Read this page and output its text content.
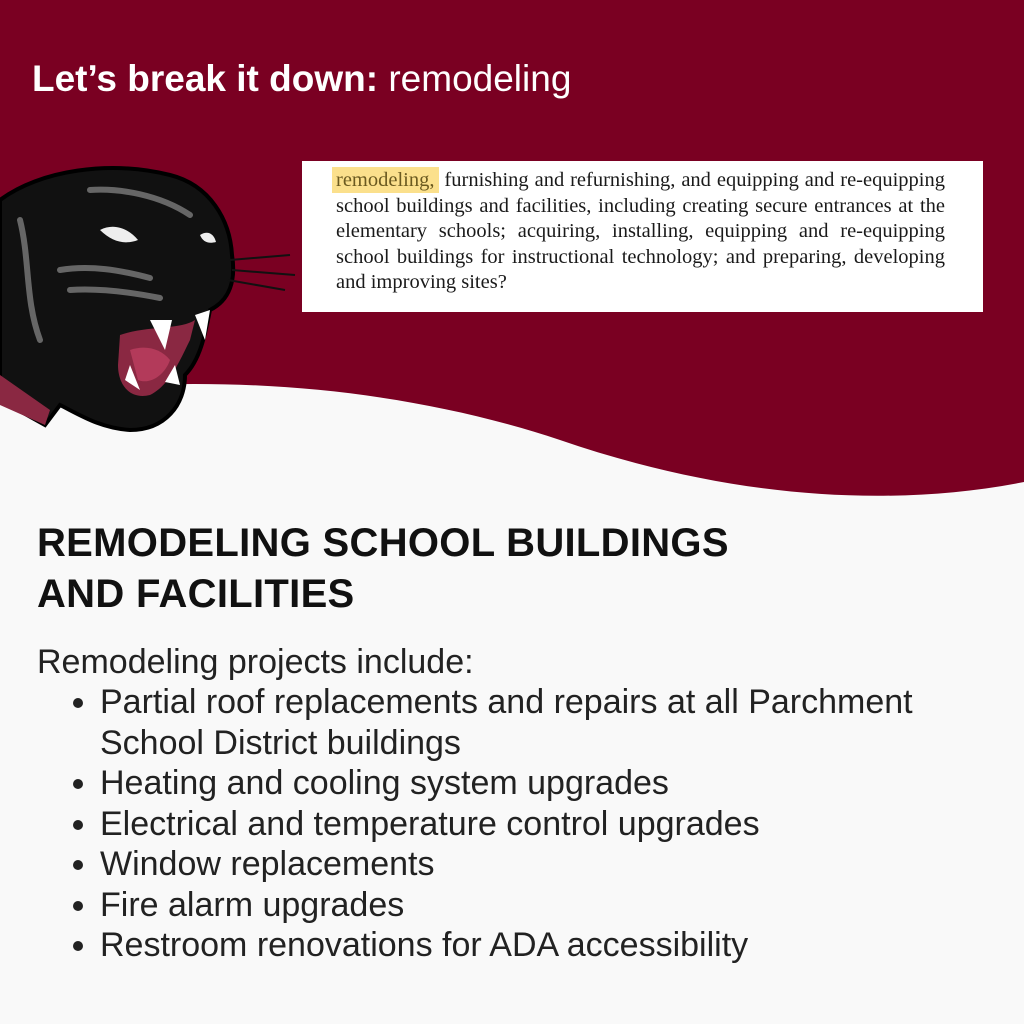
Let’s break it down: remodeling
remodeling, furnishing and refurnishing, and equipping and re-equipping school buildings and facilities, including creating secure entrances at the elementary schools; acquiring, installing, equipping and re-equipping school buildings for instructional technology; and preparing, developing and improving sites?
REMODELING SCHOOL BUILDINGS
AND FACILITIES
Remodeling projects include:
• Partial roof replacements and repairs at all Parchment School District buildings
• Heating and cooling system upgrades
• Electrical and temperature control upgrades
• Window replacements
• Fire alarm upgrades
• Restroom renovations for ADA accessibility
